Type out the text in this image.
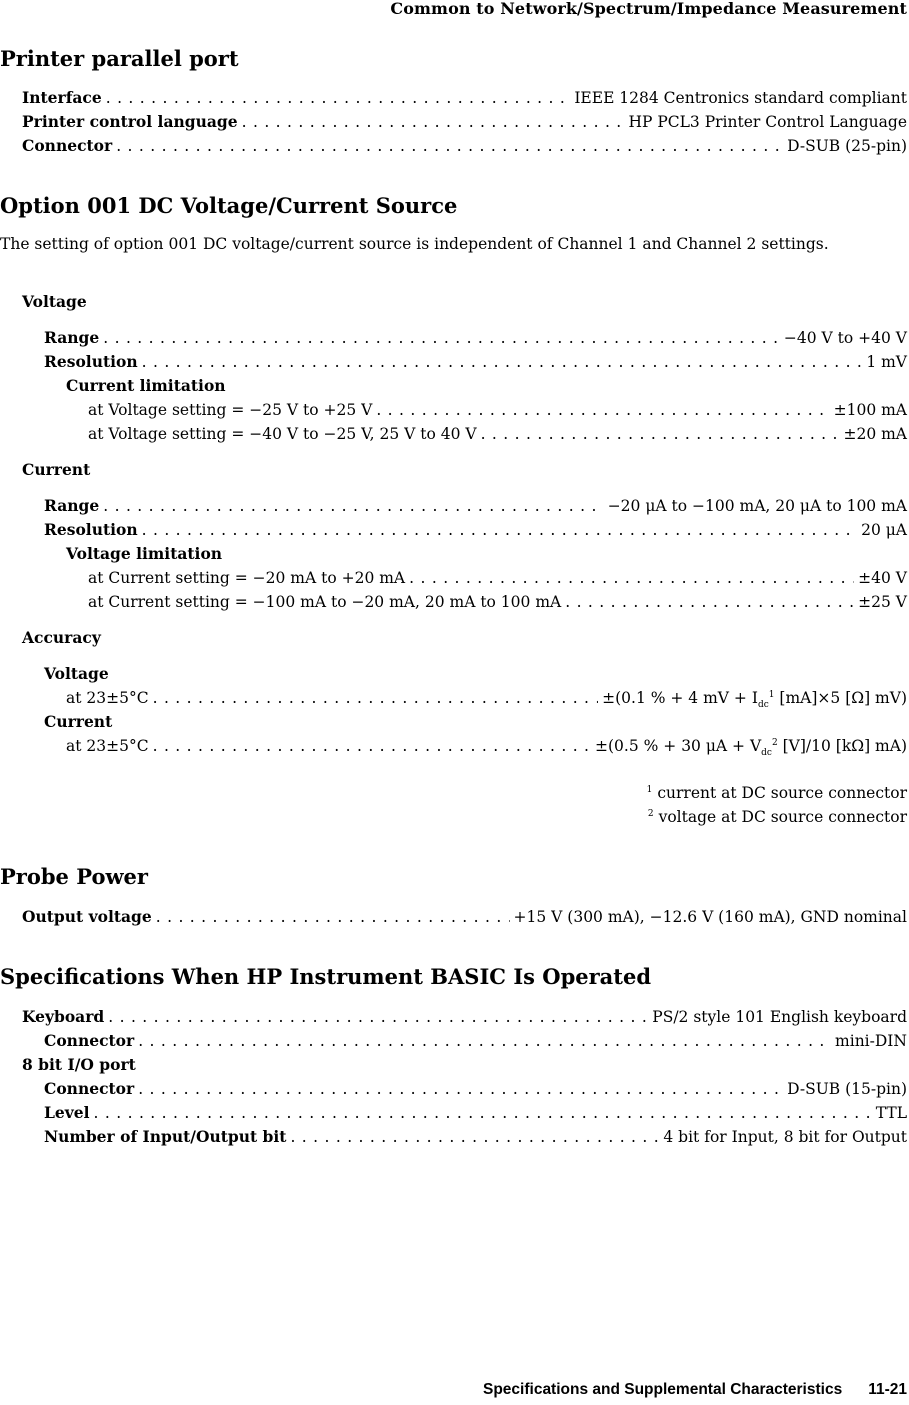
Common to Network/Spectrum/Impedance Measurement
Printer parallel port
Interface . . .	IEEE 1284 Centronics standard compliant
Printer control language . . .	HP PCL3 Printer Control Language
Connector . . .	D-SUB (25-pin)
Option 001 DC Voltage/Current Source
The setting of option 001 DC voltage/current source is independent of Channel 1 and Channel 2 settings.
Voltage
Range . . .	−40 V to +40 V
Resolution . . .	1 mV
Current limitation
at Voltage setting = −25 V to +25 V . . .	±100 mA
at Voltage setting = −40 V to −25 V, 25 V to 40 V . . .	±20 mA
Current
Range . . .	−20 μA to −100 mA, 20 μA to 100 mA
Resolution . . .	20 μA
Voltage limitation
at Current setting = −20 mA to +20 mA . . .	±40 V
at Current setting = −100 mA to −20 mA, 20 mA to 100 mA . . .	±25 V
Accuracy
Voltage
at 23±5°C . . .	±(0.1 % + 4 mV + $I_{dc}^1$ [mA]×5 [Ω] mV)
Current
at 23±5°C . . .	±(0.5 % + 30 $\mu A + V_{dc}^2$ [V]/10 [kΩ] mA)
$^1$ current at DC source connector
$^2$ voltage at DC source connector
Probe Power
Output voltage . . .	+15 V (300 mA), −12.6 V (160 mA), GND nominal
Specifications When HP Instrument BASIC Is Operated
Keyboard . . .	PS/2 style 101 English keyboard
Connector . . .	mini-DIN
8 bit I/O port
Connector . . .	D-SUB (15-pin)
Level . . .	TTL
Number of Input/Output bit . . .	4 bit for Input, 8 bit for Output
Specifications and Supplemental Characteristics 11-21
